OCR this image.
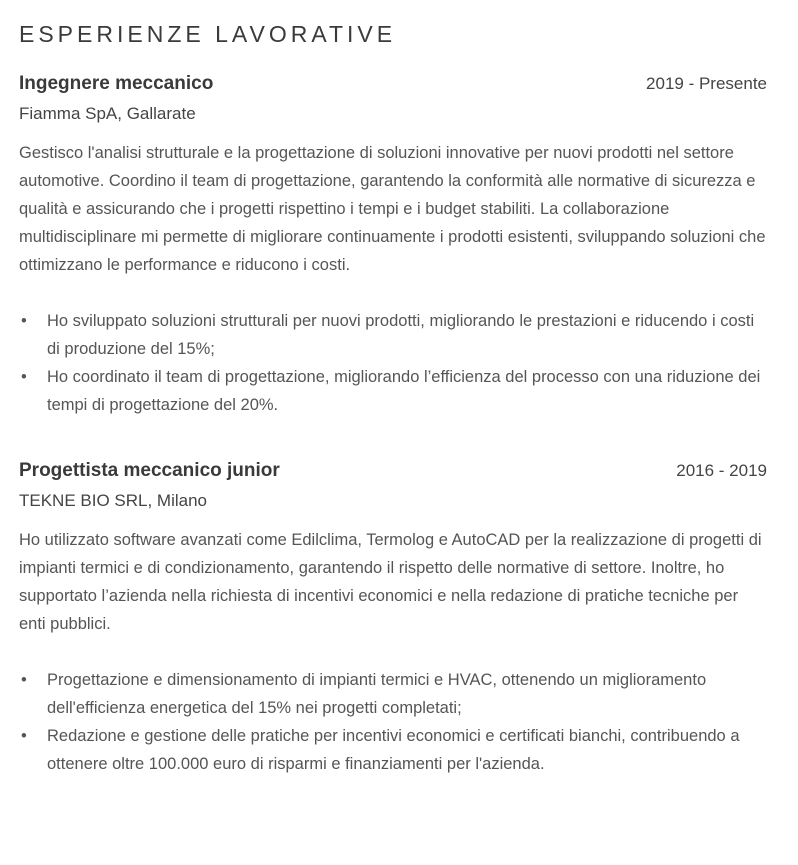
ESPERIENZE LAVORATIVE
Ingegnere meccanico	2019 - Presente
Fiamma SpA, Gallarate
Gestisco l'analisi strutturale e la progettazione di soluzioni innovative per nuovi prodotti nel settore automotive. Coordino il team di progettazione, garantendo la conformità alle normative di sicurezza e qualità e assicurando che i progetti rispettino i tempi e i budget stabiliti. La collaborazione multidisciplinare mi permette di migliorare continuamente i prodotti esistenti, sviluppando soluzioni che ottimizzano le performance e riducono i costi.
• Ho sviluppato soluzioni strutturali per nuovi prodotti, migliorando le prestazioni e riducendo i costi di produzione del 15%;
• Ho coordinato il team di progettazione, migliorando l’efficienza del processo con una riduzione dei tempi di progettazione del 20%.
Progettista meccanico junior	2016 - 2019
TEKNE BIO SRL, Milano
Ho utilizzato software avanzati come Edilclima, Termolog e AutoCAD per la realizzazione di progetti di impianti termici e di condizionamento, garantendo il rispetto delle normative di settore. Inoltre, ho supportato l’azienda nella richiesta di incentivi economici e nella redazione di pratiche tecniche per enti pubblici.
• Progettazione e dimensionamento di impianti termici e HVAC, ottenendo un miglioramento dell'efficienza energetica del 15% nei progetti completati;
• Redazione e gestione delle pratiche per incentivi economici e certificati bianchi, contribuendo a ottenere oltre 100.000 euro di risparmi e finanziamenti per l'azienda.
